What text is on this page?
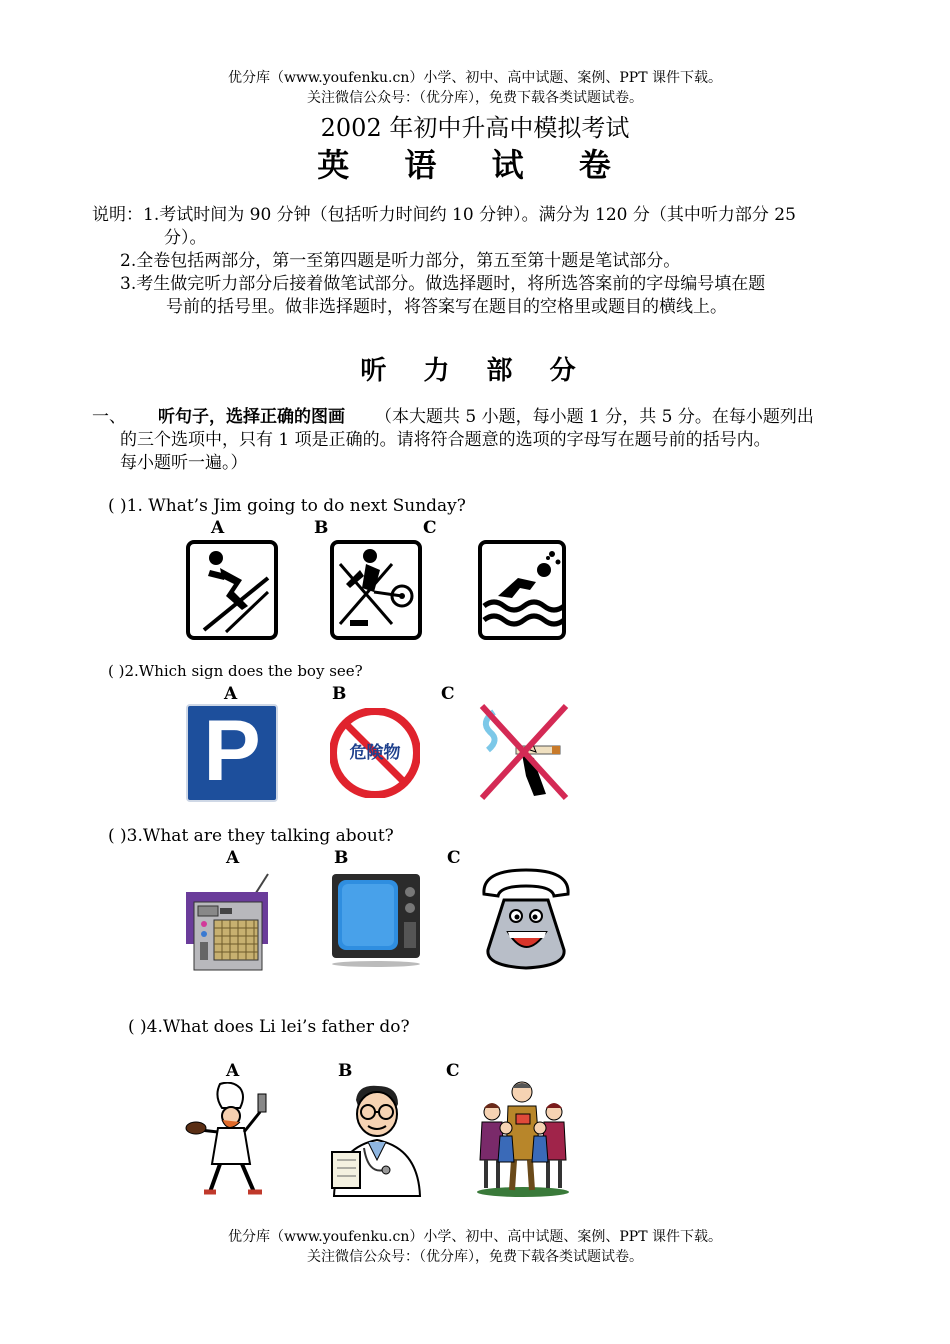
优分库（www.youfenku.cn）小学、初中、高中试题、案例、PPT 课件下载。
关注微信公众号：（优分库），免费下载各类试题试卷。
2002 年初中升高中模拟考试
英 语 试 卷
说明：1.考试时间为 90 分钟（包括听力时间约 10 分钟）。满分为 120 分（其中听力部分 25
分）。
2.全卷包括两部分，第一至第四题是听力部分，第五至第十题是笔试部分。
3.考生做完听力部分后接着做笔试部分。做选择题时，将所选答案前的字母编号填在题
号前的括号里。做非选择题时，将答案写在题目的空格里或题目的横线上。
听 力 部 分
一、 听句子，选择正确的图画 （本大题共 5 小题，每小题 1 分，共 5 分。在每小题列出
的三个选项中，只有 1 项是正确的。请将符合题意的选项的字母写在题号前的括号内。
每小题听一遍。）
( )1. What’s Jim going to do next Sunday?
A	B	C
( )2.Which sign does the boy see?
A	B	C
P	危険物
( )3.What are they talking about?
A	B	C
( )4.What does Li lei’s father do?
A	B	C
优分库（www.youfenku.cn）小学、初中、高中试题、案例、PPT 课件下载。
关注微信公众号：（优分库），免费下载各类试题试卷。
